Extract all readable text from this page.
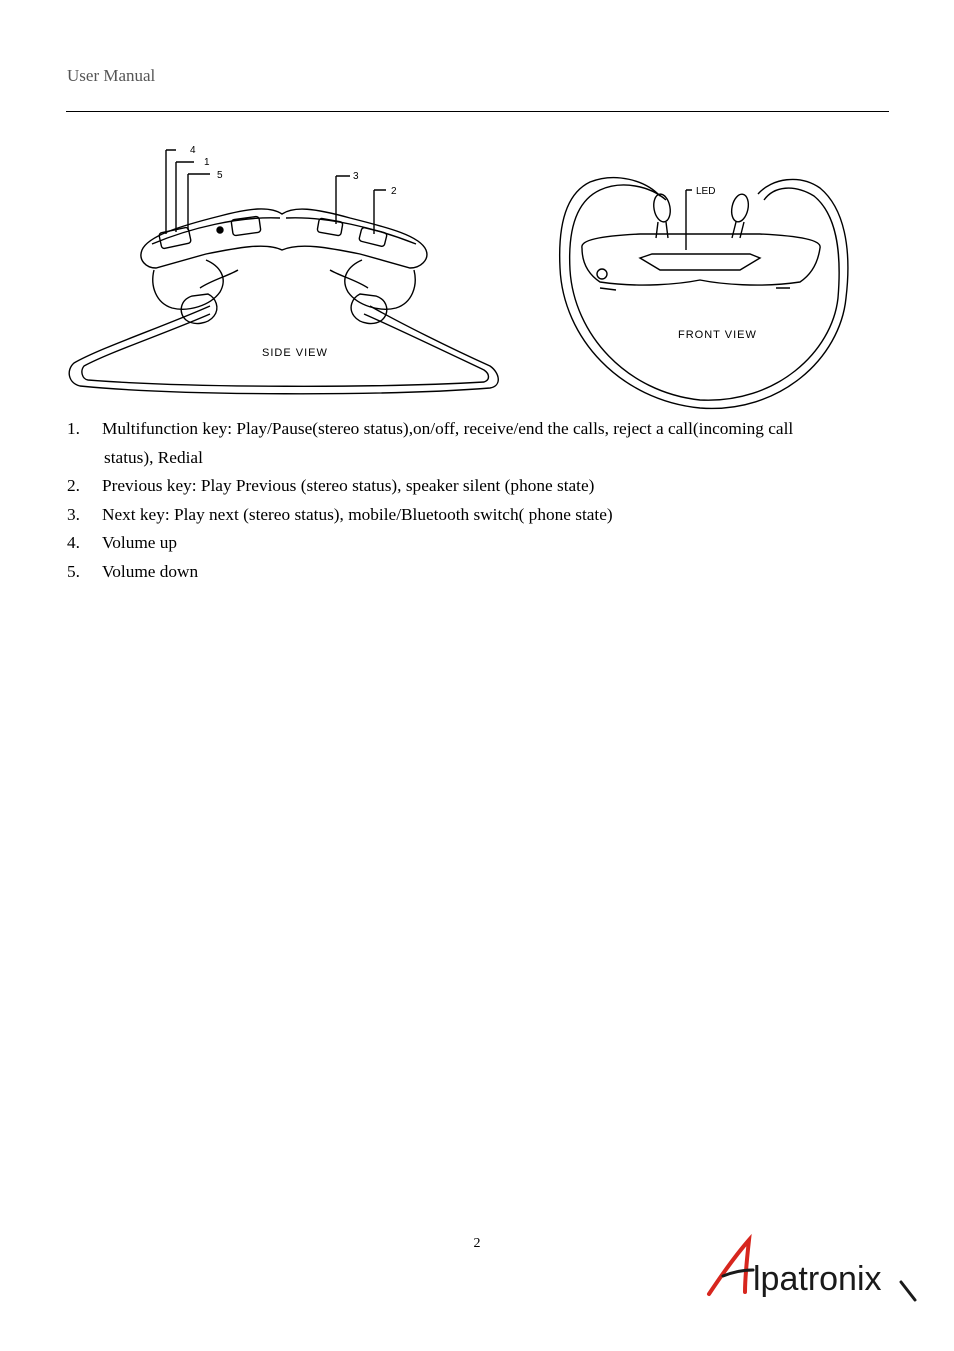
User Manual
4
1
5	3
2	LED
SIDE VIEW
FRONT VIEW
1.	Multifunction key: Play/Pause(stereo status),on/off, receive/end the calls, reject a call(incoming call
status), Redial
2.	Previous key: Play Previous (stereo status), speaker silent (phone state)
3.	Next key: Play next (stereo status), mobile/Bluetooth switch( phone state)
4.	Volume up
5.	Volume down
2
lpatronix
